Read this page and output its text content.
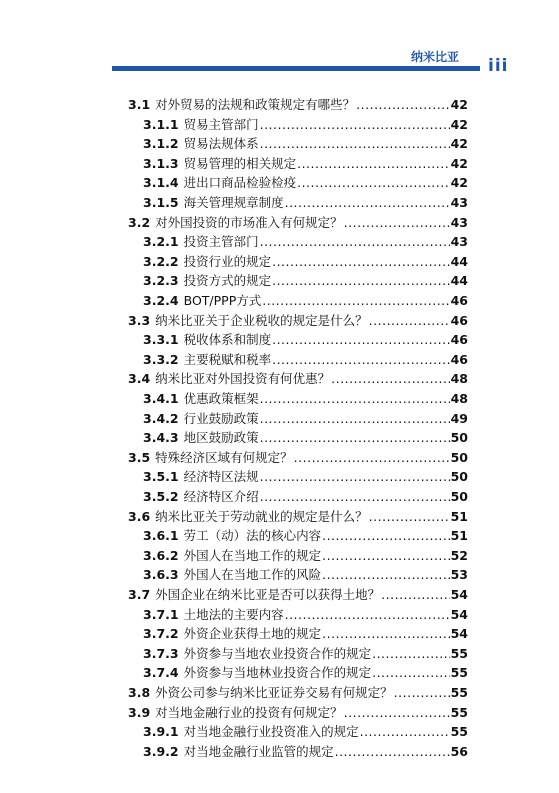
纳米比亚	iii
3.1 对外贸易的法规和政策规定有哪些？ .....	42
3.1.1 贸易主管部门 .....	42
3.1.2 贸易法规体系 .....	42
3.1.3 贸易管理的相关规定 .....	42
3.1.4 进出口商品检验检疫 .....	42
3.1.5 海关管理规章制度 .....	43
3.2 对外国投资的市场准入有何规定？ .....	43
3.2.1 投资主管部门 .....	43
3.2.2 投资行业的规定 .....	44
3.2.3 投资方式的规定 .....	44
3.2.4 BOT/PPP方式 .....	46
3.3 纳米比亚关于企业税收的规定是什么？ .....	46
3.3.1 税收体系和制度 .....	46
3.3.2 主要税赋和税率 .....	46
3.4 纳米比亚对外国投资有何优惠？ .....	48
3.4.1 优惠政策框架 .....	48
3.4.2 行业鼓励政策 .....	49
3.4.3 地区鼓励政策 .....	50
3.5 特殊经济区域有何规定？ .....	50
3.5.1 经济特区法规 .....	50
3.5.2 经济特区介绍 .....	50
3.6 纳米比亚关于劳动就业的规定是什么？ .....	51
3.6.1 劳工（动）法的核心内容 .....	51
3.6.2 外国人在当地工作的规定 .....	52
3.6.3 外国人在当地工作的风险 .....	53
3.7 外国企业在纳米比亚是否可以获得土地？ .....	54
3.7.1 土地法的主要内容 .....	54
3.7.2 外资企业获得土地的规定 .....	54
3.7.3 外资参与当地农业投资合作的规定 .....	55
3.7.4 外资参与当地林业投资合作的规定 .....	55
3.8 外资公司参与纳米比亚证券交易有何规定？ .....	55
3.9 对当地金融行业的投资有何规定？ .....	55
3.9.1 对当地金融行业投资准入的规定 .....	55
3.9.2 对当地金融行业监管的规定 .....	56
